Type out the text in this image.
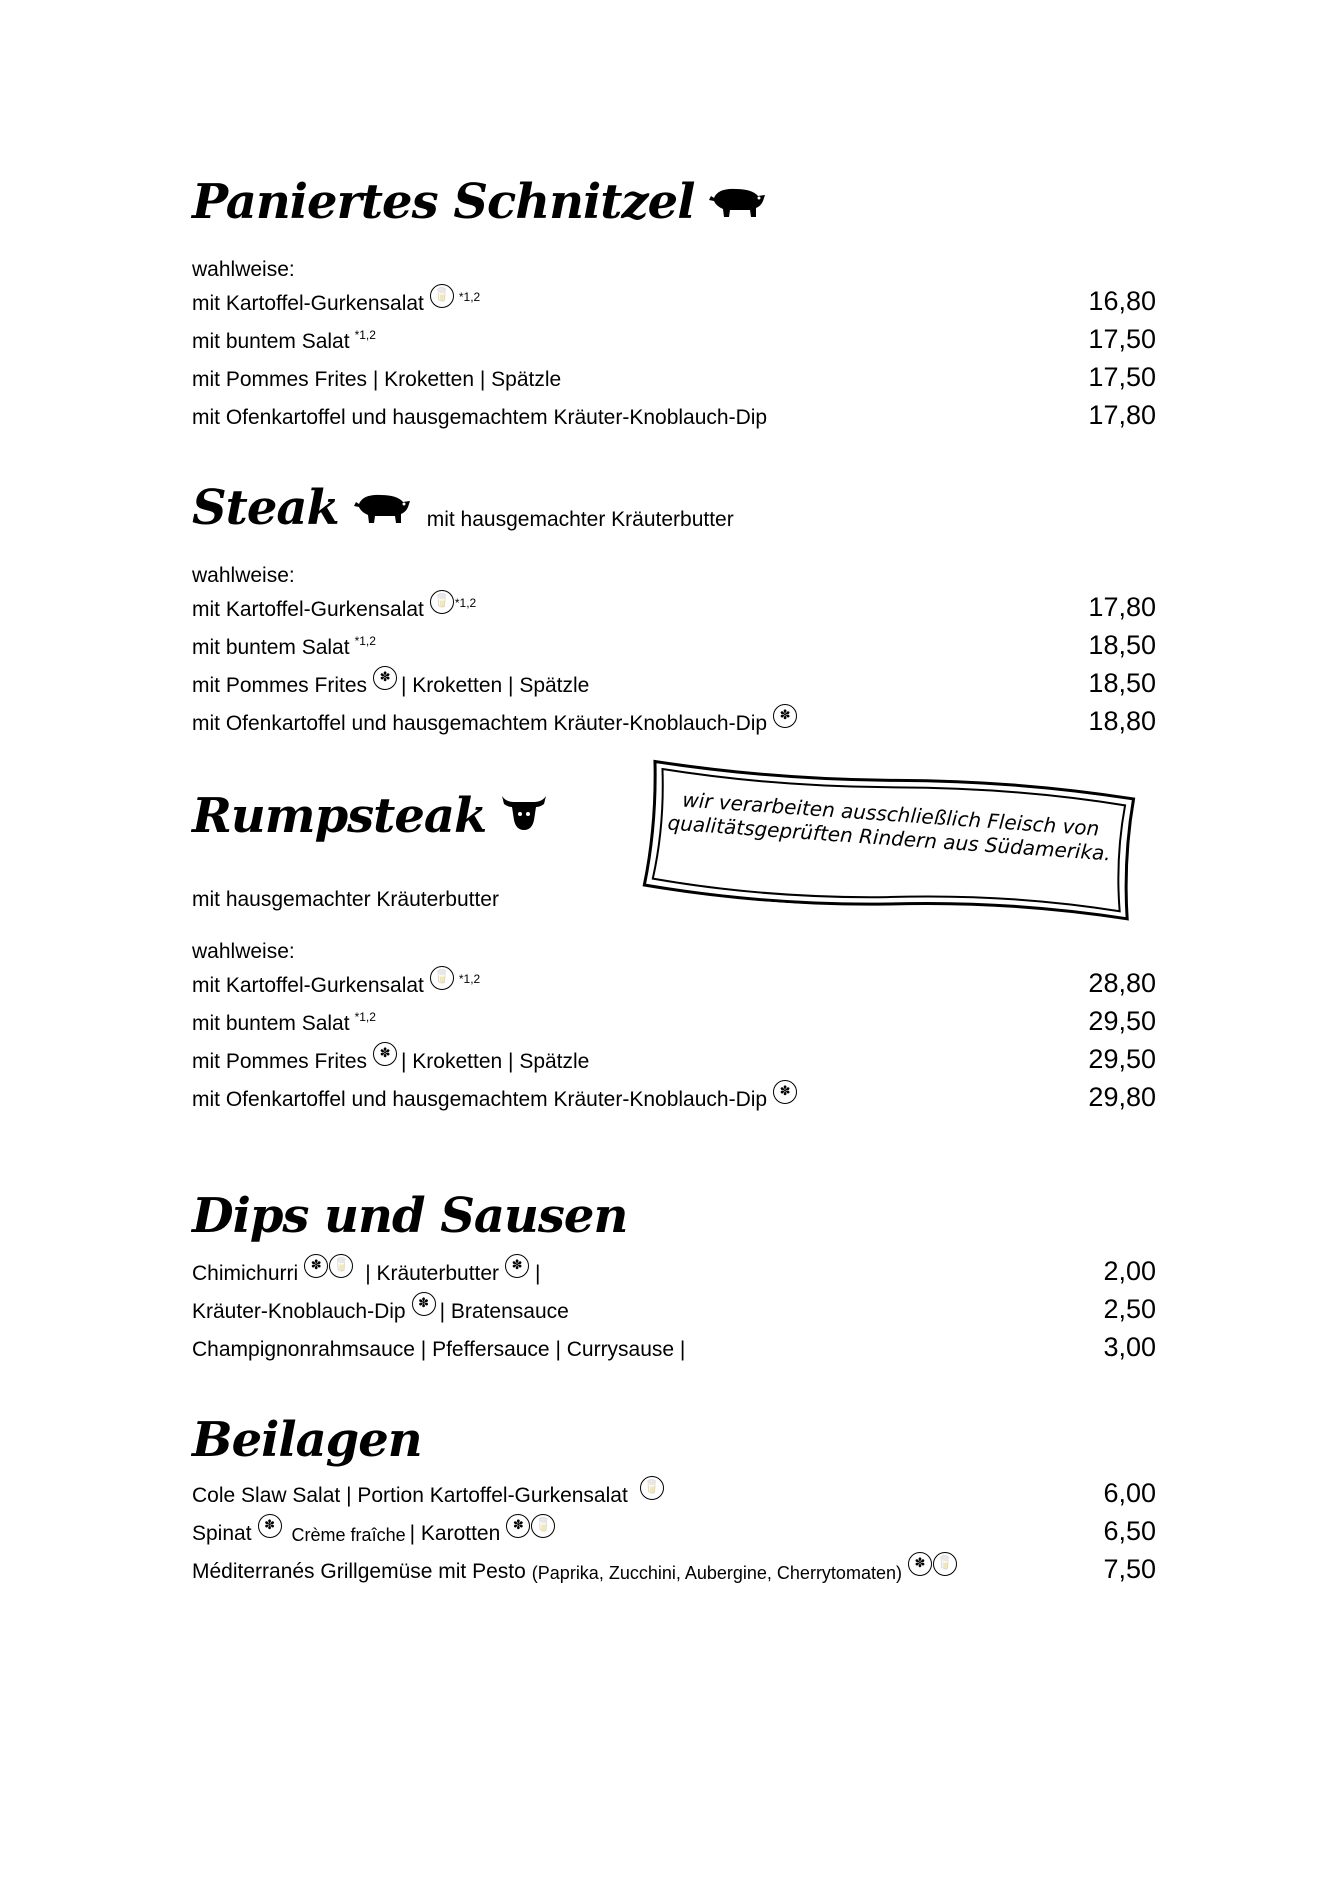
Paniertes Schnitzel
wahlweise:
mit Kartoffel-Gurkensalat 🥛 *1,2	16,80
mit buntem Salat *1,2	17,50
mit Pommes Frites | Kroketten | Spätzle	17,50
mit Ofenkartoffel und hausgemachtem Kräuter-Knoblauch-Dip	17,80
Steak	mit hausgemachter Kräuterbutter
wahlweise:
mit Kartoffel-Gurkensalat 🥛 *1,2	17,80
mit buntem Salat *1,2	18,50
mit Pommes Frites ✽ | Kroketten | Spätzle	18,50
mit Ofenkartoffel und hausgemachtem Kräuter-Knoblauch-Dip ✽	18,80
Rumpsteak	wir verarbeiten ausschließlich Fleisch von qualitätsgeprüften Rindern aus Südamerika.
mit hausgemachter Kräuterbutter
wahlweise:
mit Kartoffel-Gurkensalat 🥛 *1,2	28,80
mit buntem Salat *1,2	29,50
mit Pommes Frites ✽ | Kroketten | Spätzle	29,50
mit Ofenkartoffel und hausgemachtem Kräuter-Knoblauch-Dip ✽	29,80
Dips und Sausen
Chimichurri ✽ 🥛 | Kräuterbutter ✽ |	2,00
Kräuter-Knoblauch-Dip ✽ | Bratensauce	2,50
Champignonrahmsauce | Pfeffersauce | Currysause |	3,00
Beilagen
Cole Slaw Salat | Portion Kartoffel-Gurkensalat	🥛	6,00
Spinat ✽ Crème fraîche | Karotten ✽ 🥛	6,50
Méditerranés Grillgemüse mit Pesto (Paprika, Zucchini, Aubergine, Cherrytomaten) ✽ 🥛	7,50
